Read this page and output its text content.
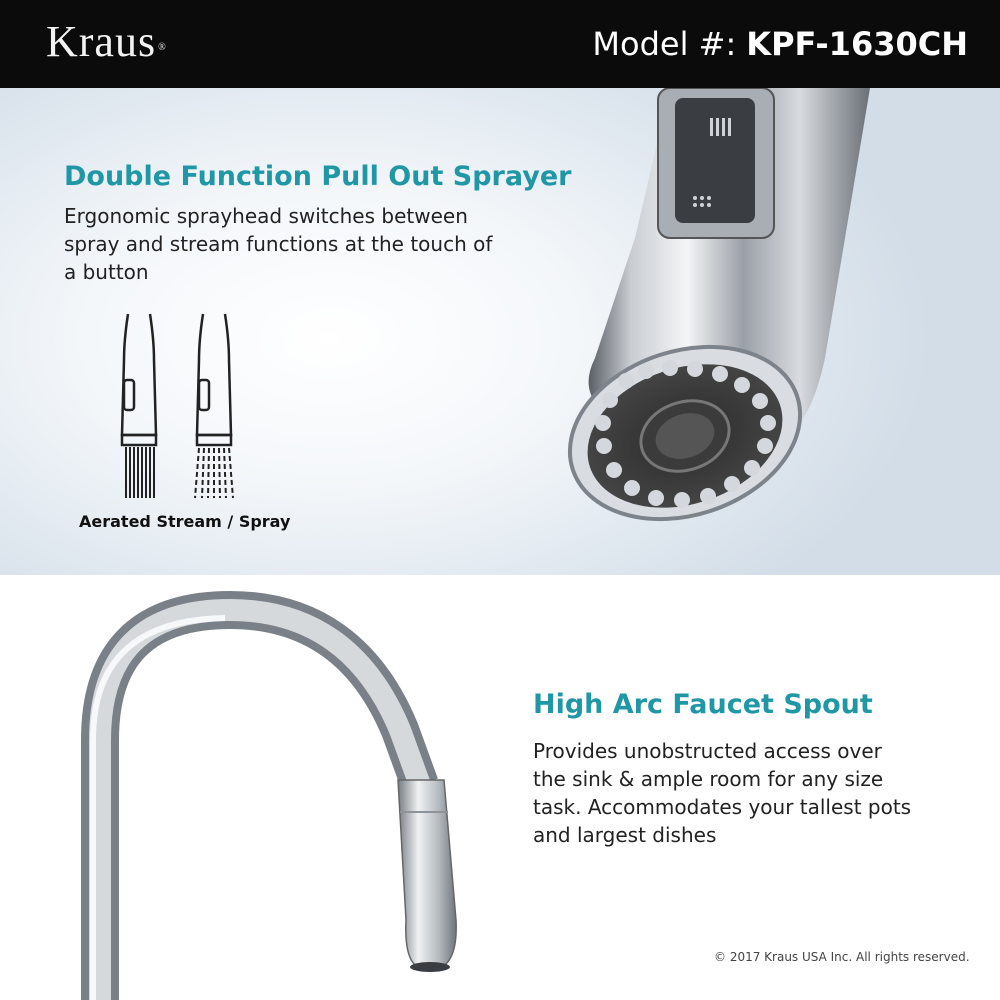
Kraus ®	Model #: KPF-1630CH
Double Function Pull Out Sprayer

Ergonomic sprayhead switches between spray and stream functions at the touch of a button

Aerated Stream / Spray

High Arc Faucet Spout

Provides unobstructed access over the sink & ample room for any size task. Accommodates your tallest pots and largest dishes

© 2017 Kraus USA Inc. All rights reserved.
